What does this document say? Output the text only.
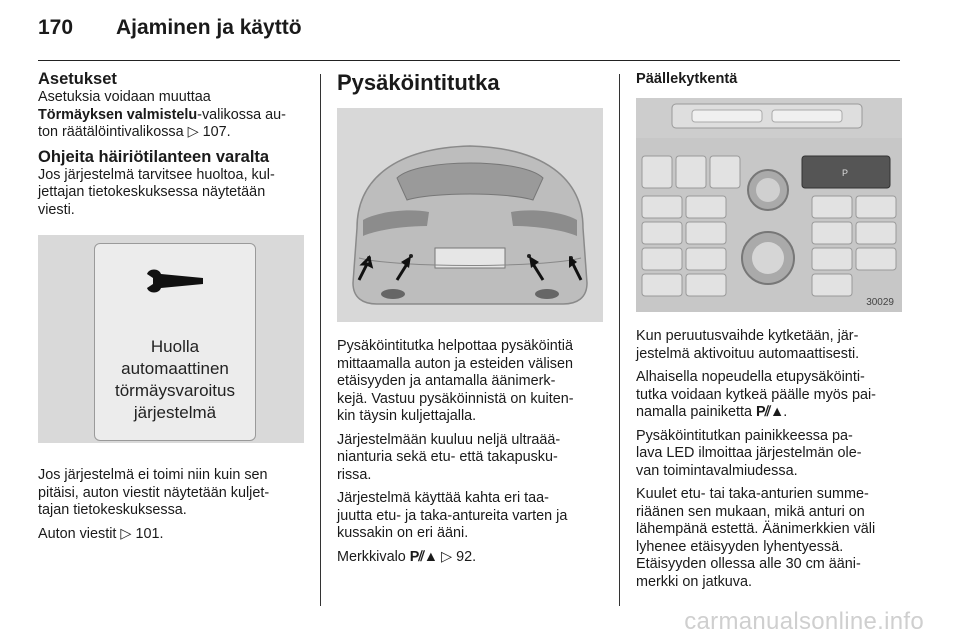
170	Ajaminen ja käyttö

Asetukset

Asetuksia voidaan muuttaa

Törmäyksen valmistelu-valikossa au-

ton räätälöintivalikossa ▷ 107.

Ohjeita häiriötilanteen varalta

Jos järjestelmä tarvitsee huoltoa, kul-

jettajan tietokeskuksessa näytetään

viesti.

Huolla
automaattinen
törmäysvaroitus
järjestelmä

Jos järjestelmä ei toimi niin kuin sen

pitäisi, auton viestit näytetään kuljet-

tajan tietokeskuksessa.

Auton viestit ▷ 101.

Pysäköintitutka

Pysäköintitutka helpottaa pysäköintiä

mittaamalla auton ja esteiden välisen

etäisyyden ja antamalla äänimerk-

kejä. Vastuu pysäköinnistä on kuiten-

kin täysin kuljettajalla.

Järjestelmään kuuluu neljä ultraää-

nianturia sekä etu- että takapusku-

rissa.

Järjestelmä käyttää kahta eri taa-

juutta etu- ja taka-antureita varten ja

kussakin on eri ääni.

Merkkivalo P⫽▲ ▷ 92.

Päällekytkentä

P
30029

Kun peruutusvaihde kytketään, jär-

jestelmä aktivoituu automaattisesti.

Alhaisella nopeudella etupysäköinti-

tutka voidaan kytkeä päälle myös pai-

namalla painiketta P⫽▲.

Pysäköintitutkan painikkeessa pa-

lava LED ilmoittaa järjestelmän ole-

van toimintavalmiudessa.

Kuulet etu- tai taka-anturien summe-

riäänen sen mukaan, mikä anturi on

lähempänä estettä. Äänimerkkien väli

lyhenee etäisyyden lyhentyessä.

Etäisyyden ollessa alle 30 cm ääni-

merkki on jatkuva.

carmanualsonline.info
